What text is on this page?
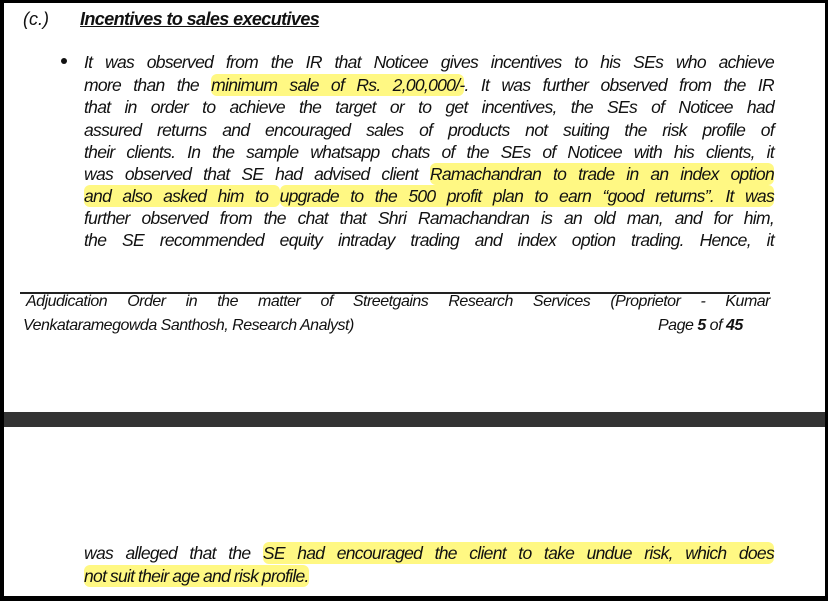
(c.) Incentives to sales executives
It was observed from the IR that Noticee gives incentives to his SEs who achieve
more than the minimum sale of Rs. 2,00,000/-. It was further observed from the IR
that in order to achieve the target or to get incentives, the SEs of Noticee had
assured returns and encouraged sales of products not suiting the risk profile of
their clients. In the sample whatsapp chats of the SEs of Noticee with his clients, it
was observed that SE had advised client Ramachandran to trade in an index option
and also asked him to upgrade to the 500 profit plan to earn “good returns”. It was
further observed from the chat that Shri Ramachandran is an old man, and for him,
the SE recommended equity intraday trading and index option trading. Hence, it
Adjudication Order in the matter of Streetgains Research Services (Proprietor - Kumar
Venkataramegowda Santhosh, Research Analyst)	Page 5 of 45
was alleged that the SE had encouraged the client to take undue risk, which does
not suit their age and risk profile.
